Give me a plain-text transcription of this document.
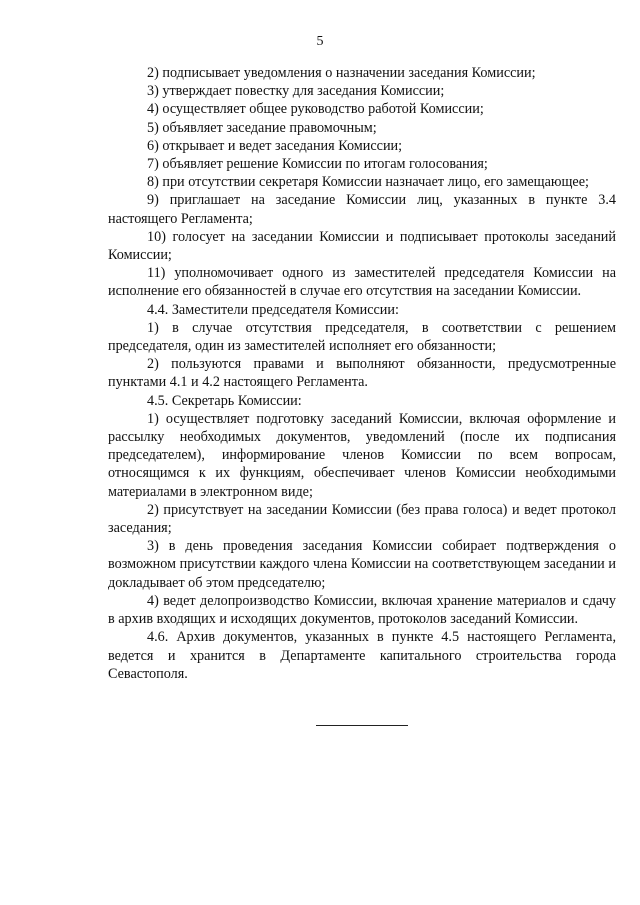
5

2) подписывает уведомления о назначении заседания Комиссии;

3) утверждает повестку для заседания Комиссии;

4) осуществляет общее руководство работой Комиссии;

5) объявляет заседание правомочным;

6) открывает и ведет заседания Комиссии;

7) объявляет решение Комиссии по итогам голосования;

8) при отсутствии секретаря Комиссии назначает лицо, его замещающее;

9) приглашает на заседание Комиссии лиц, указанных в пункте 3.4 настоящего Регламента;

10) голосует на заседании Комиссии и подписывает протоколы заседаний Комиссии;

11) уполномочивает одного из заместителей председателя Комиссии на исполнение его обязанностей в случае его отсутствия на заседании Комиссии.

4.4. Заместители председателя Комиссии:

1) в случае отсутствия председателя, в соответствии с решением председателя, один из заместителей исполняет его обязанности;

2) пользуются правами и выполняют обязанности, предусмотренные пунктами 4.1 и 4.2 настоящего Регламента.

4.5. Секретарь Комиссии:

1) осуществляет подготовку заседаний Комиссии, включая оформление и рассылку необходимых документов, уведомлений (после их подписания председателем), информирование членов Комиссии по всем вопросам, относящимся к их функциям, обеспечивает членов Комиссии необходимыми материалами в электронном виде;

2) присутствует на заседании Комиссии (без права голоса) и ведет протокол заседания;

3) в день проведения заседания Комиссии собирает подтверждения о возможном присутствии каждого члена Комиссии на соответствующем заседании и докладывает об этом председателю;

4) ведет делопроизводство Комиссии, включая хранение материалов и сдачу в архив входящих и исходящих документов, протоколов заседаний Комиссии.

4.6. Архив документов, указанных в пункте 4.5 настоящего Регламента, ведется и хранится в Департаменте капитального строительства города Севастополя.
